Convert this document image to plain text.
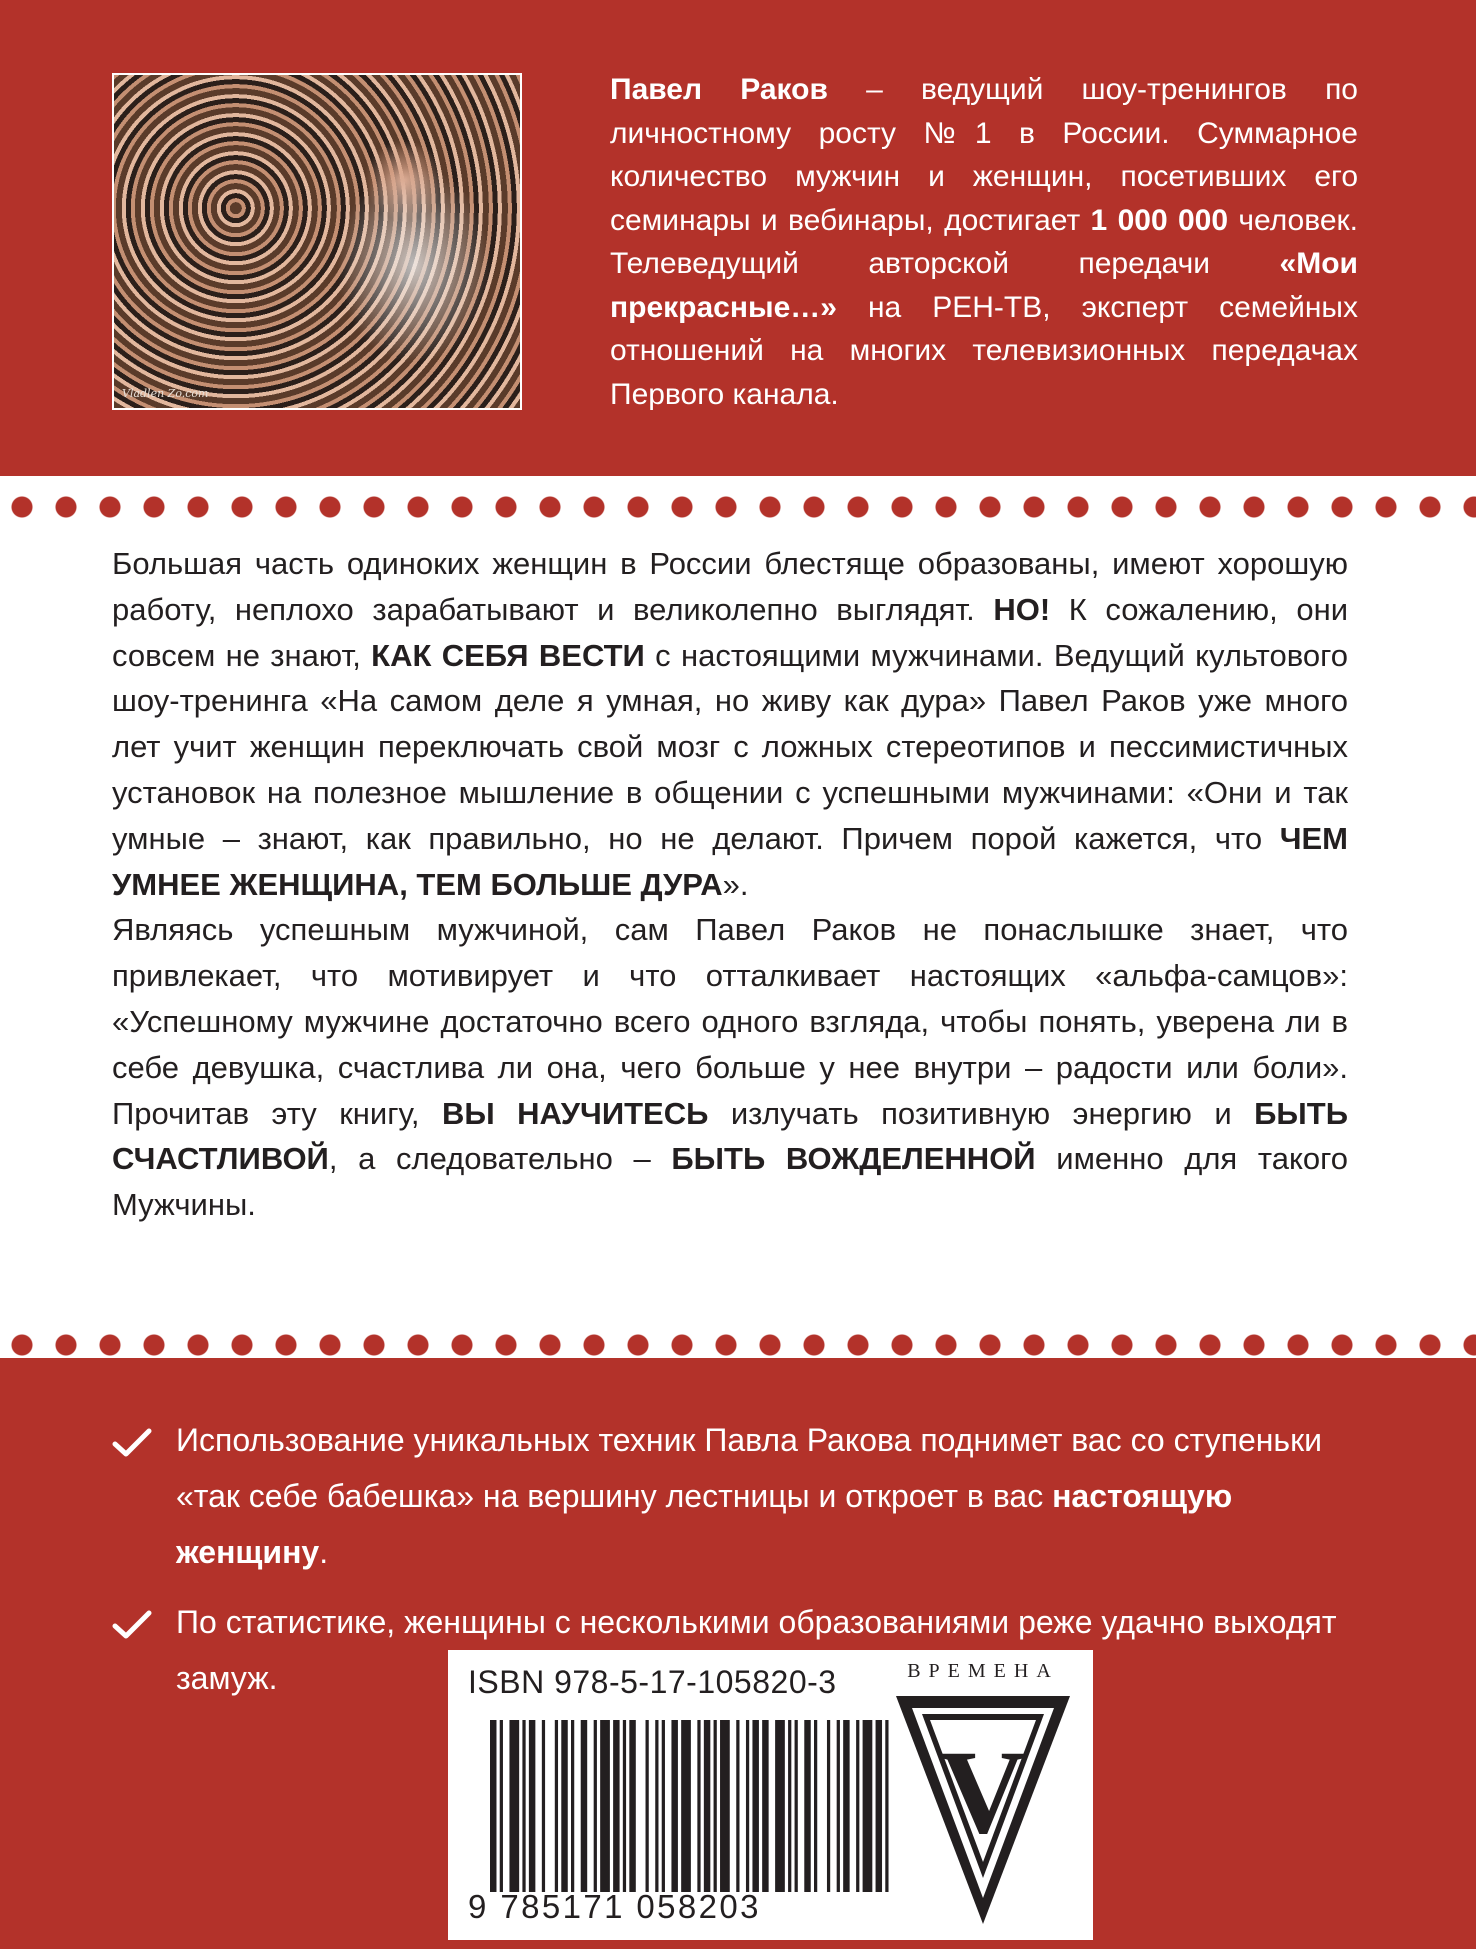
Vladlen Zo.com
Павел Раков – ведущий шоу-тренингов по личностному росту №1 в России. Суммарное количество мужчин и женщин, посетивших его семинары и вебинары, достигает 1 000 000 человек. Телеведущий авторской передачи «Мои прекрасные…» на РЕН-ТВ, эксперт семейных отношений на многих телевизионных передачах Первого канала.

Большая часть одиноких женщин в России блестяще образованы, имеют хорошую работу, неплохо зарабатывают и великолепно выглядят. НО! К сожалению, они совсем не знают, КАК СЕБЯ ВЕСТИ с настоящими мужчинами. Ведущий культового шоу-тренинга «На самом деле я умная, но живу как дура» Павел Раков уже много лет учит женщин переключать свой мозг с ложных стереотипов и пессимистичных установок на полезное мышление в общении с успешными мужчинами: «Они и так умные – знают, как правильно, но не делают. Причем порой кажется, что ЧЕМ УМНЕЕ ЖЕНЩИНА, ТЕМ БОЛЬШЕ ДУРА».

Являясь успешным мужчиной, сам Павел Раков не понаслышке знает, что привлекает, что мотивирует и что отталкивает настоящих «альфа-самцов»: «Успешному мужчине достаточно всего одного взгляда, чтобы понять, уверена ли в себе девушка, счастлива ли она, чего больше у нее внутри – радости или боли». Прочитав эту книгу, ВЫ НАУЧИТЕСЬ излучать позитивную энергию и БЫТЬ СЧАСТЛИВОЙ, а следовательно – БЫТЬ ВОЖДЕЛЕННОЙ именно для такого Мужчины.

Использование уникальных техник Павла Ракова поднимет вас со ступеньки «так себе бабешка» на вершину лестницы и откроет в вас настоящую женщину.
По статистике, женщины с несколькими образованиями реже удачно выходят замуж.	ISBN 978-5-17-105820-3
9 785171 058203
ВРЕМЕНА
V
